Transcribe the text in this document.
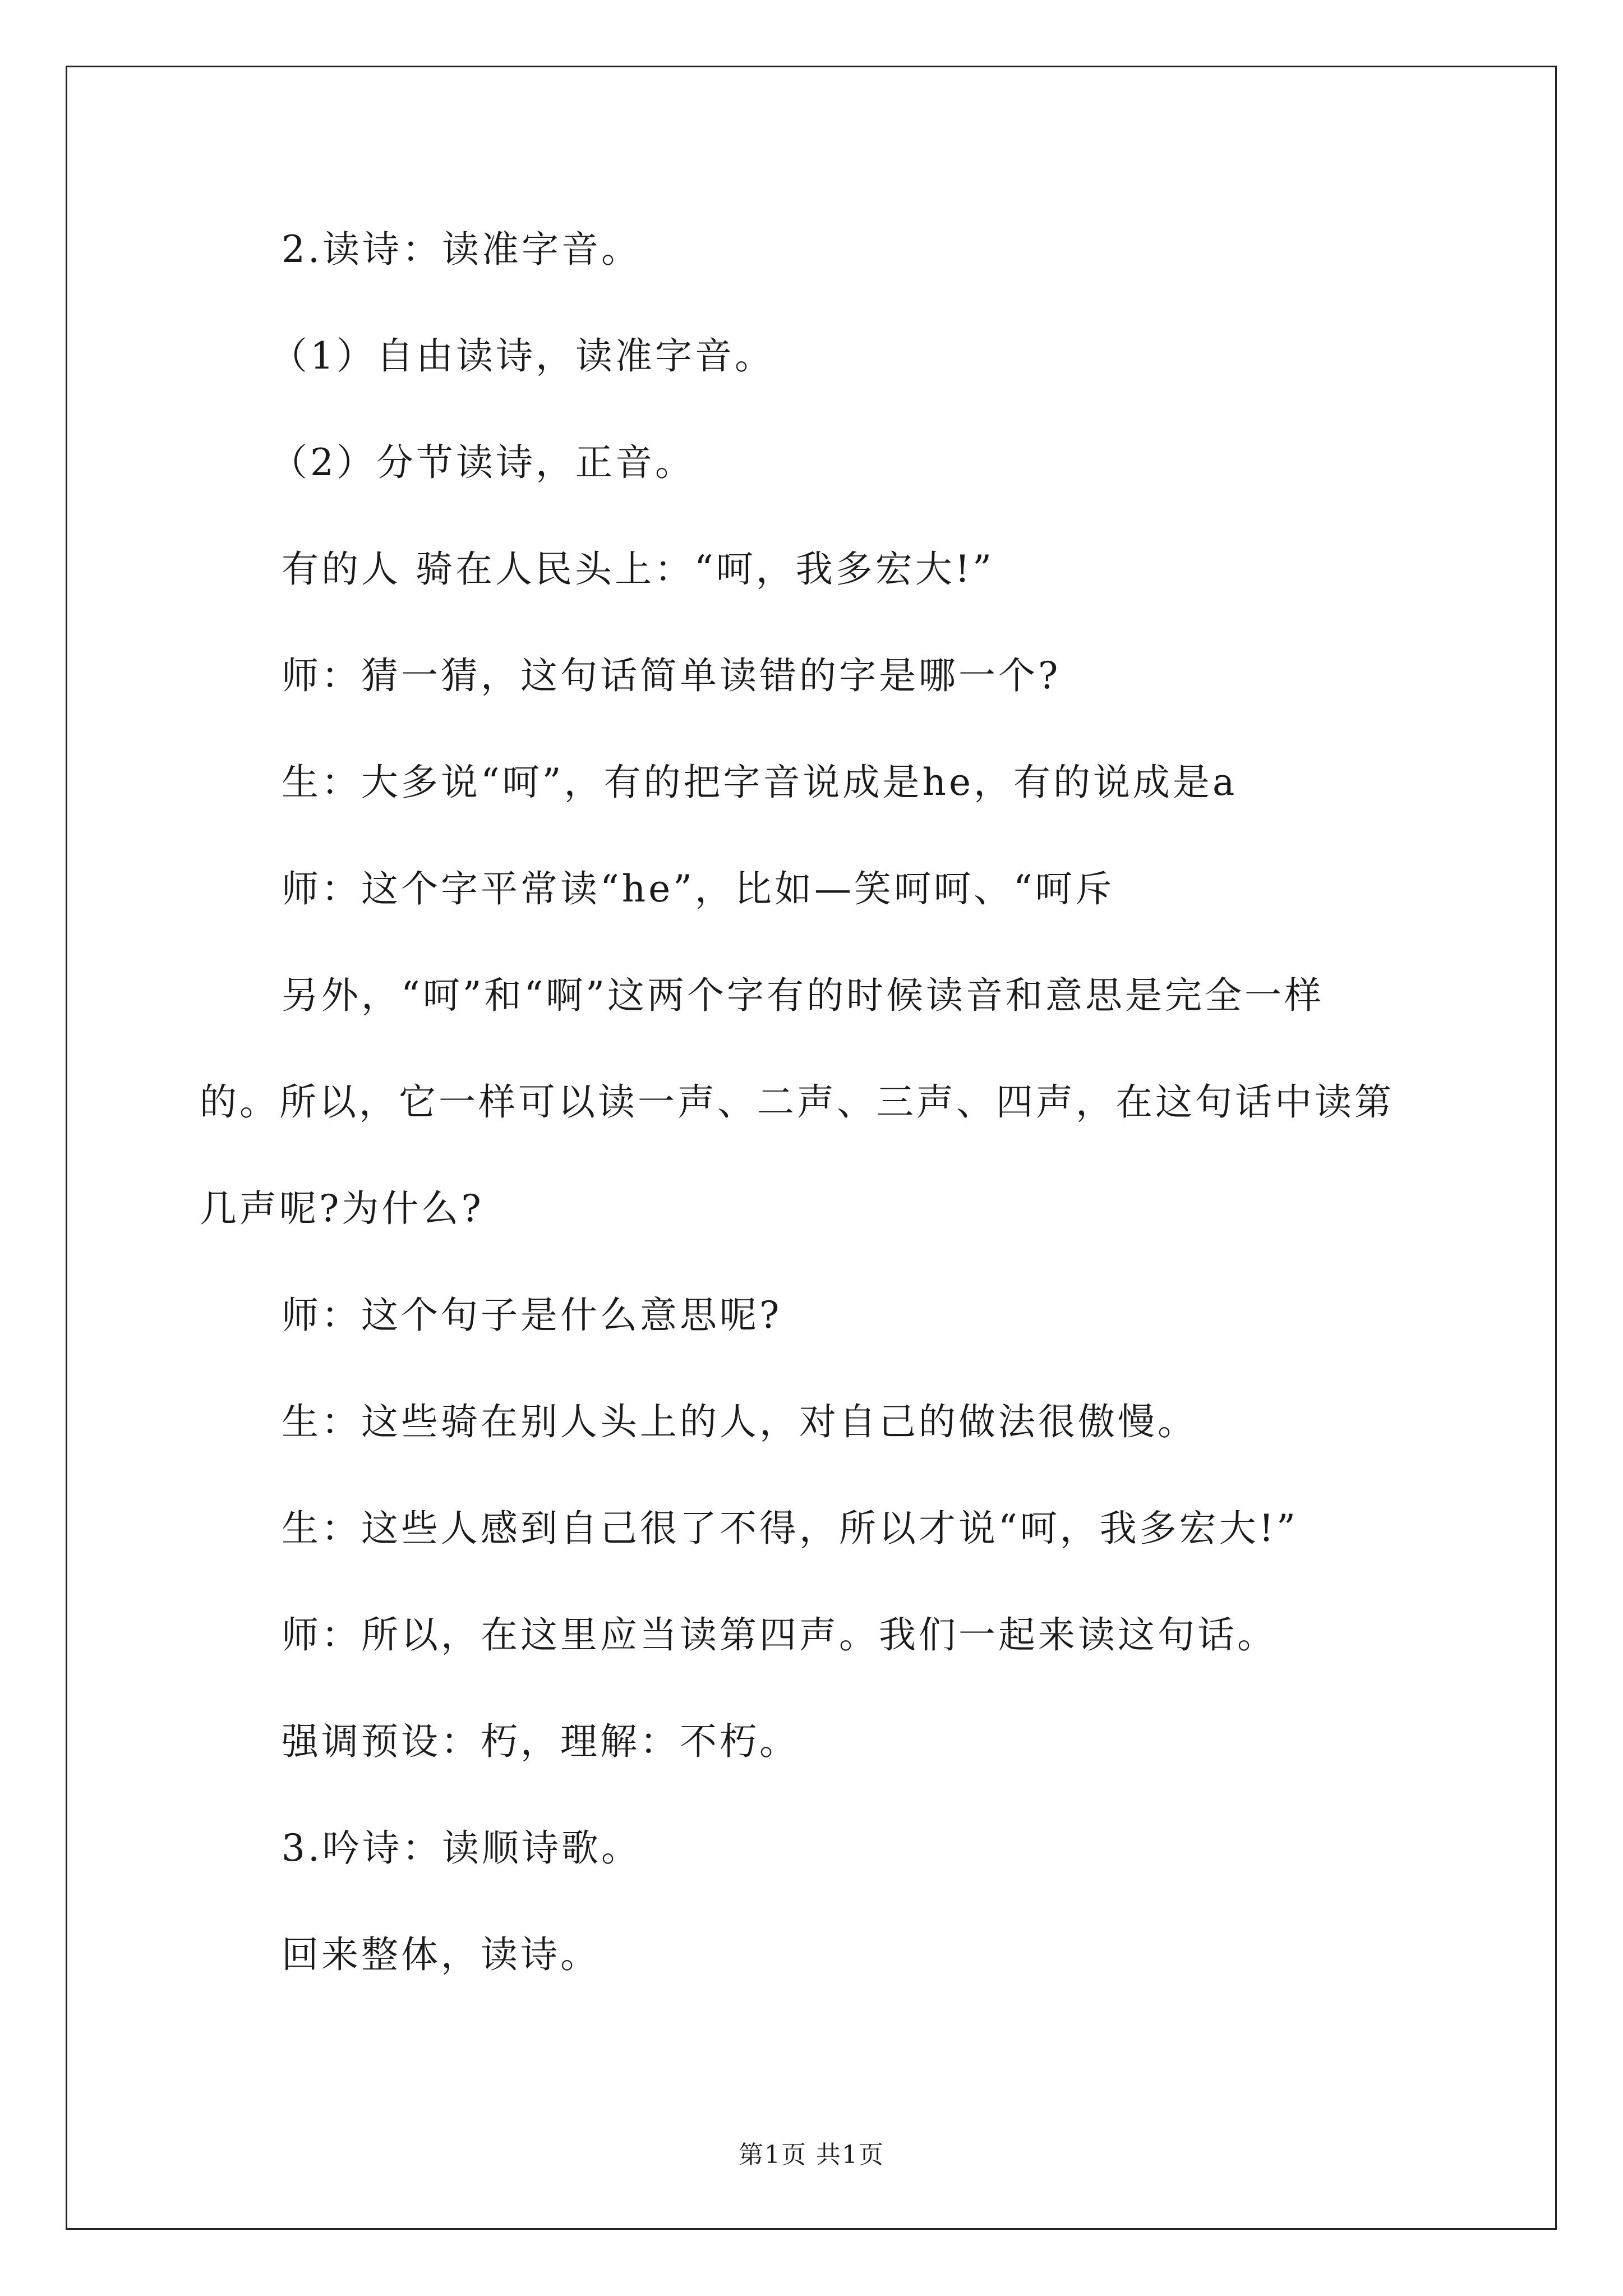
2.读诗：读准字音。
（1）自由读诗，读准字音。
（2）分节读诗，正音。
有的人 骑在人民头上：“呵，我多宏大!”
师：猜一猜，这句话简单读错的字是哪一个?
生：大多说“呵”，有的把字音说成是he，有的说成是a
师：这个字平常读“he”，比如—笑呵呵、“呵斥
另外，“呵”和“啊”这两个字有的时候读音和意思是完全一样
的。所以，它一样可以读一声、二声、三声、四声，在这句话中读第
几声呢?为什么?
师：这个句子是什么意思呢?
生：这些骑在别人头上的人，对自己的做法很傲慢。
生：这些人感到自己很了不得，所以才说“呵，我多宏大!”
师：所以，在这里应当读第四声。我们一起来读这句话。
强调预设：朽，理解：不朽。
3.吟诗：读顺诗歌。
回来整体，读诗。
第1页 共1页
